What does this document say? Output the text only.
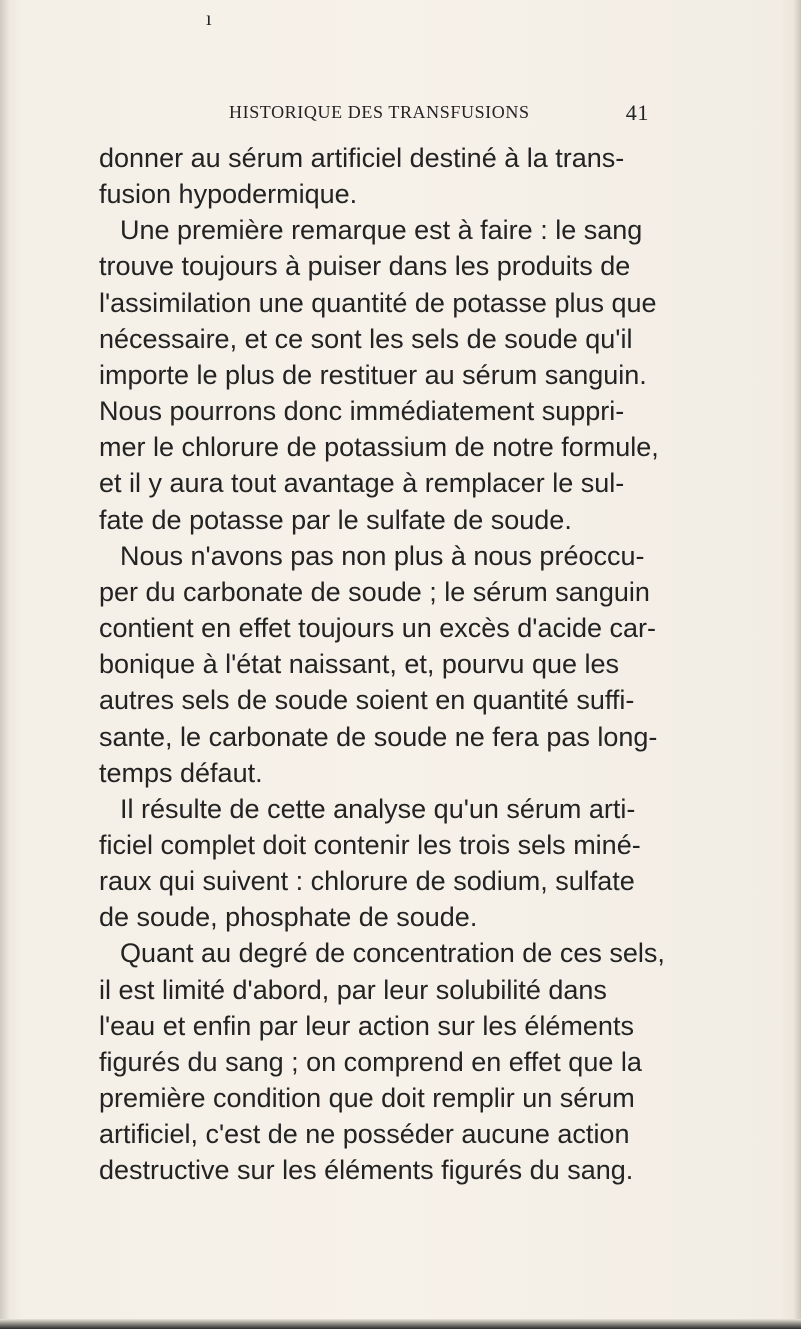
ı
HISTORIQUE DES TRANSFUSIONS	41
donner au sérum artificiel destiné à la trans-
fusion hypodermique.
Une première remarque est à faire : le sang
trouve toujours à puiser dans les produits de
l'assimilation une quantité de potasse plus que
nécessaire, et ce sont les sels de soude qu'il
importe le plus de restituer au sérum sanguin.
Nous pourrons donc immédiatement suppri-
mer le chlorure de potassium de notre formule,
et il y aura tout avantage à remplacer le sul-
fate de potasse par le sulfate de soude.
Nous n'avons pas non plus à nous préoccu-
per du carbonate de soude ; le sérum sanguin
contient en effet toujours un excès d'acide car-
bonique à l'état naissant, et, pourvu que les
autres sels de soude soient en quantité suffi-
sante, le carbonate de soude ne fera pas long-
temps défaut.
Il résulte de cette analyse qu'un sérum arti-
ficiel complet doit contenir les trois sels miné-
raux qui suivent : chlorure de sodium, sulfate
de soude, phosphate de soude.
Quant au degré de concentration de ces sels,
il est limité d'abord, par leur solubilité dans
l'eau et enfin par leur action sur les éléments
figurés du sang ; on comprend en effet que la
première condition que doit remplir un sérum
artificiel, c'est de ne posséder aucune action
destructive sur les éléments figurés du sang.
